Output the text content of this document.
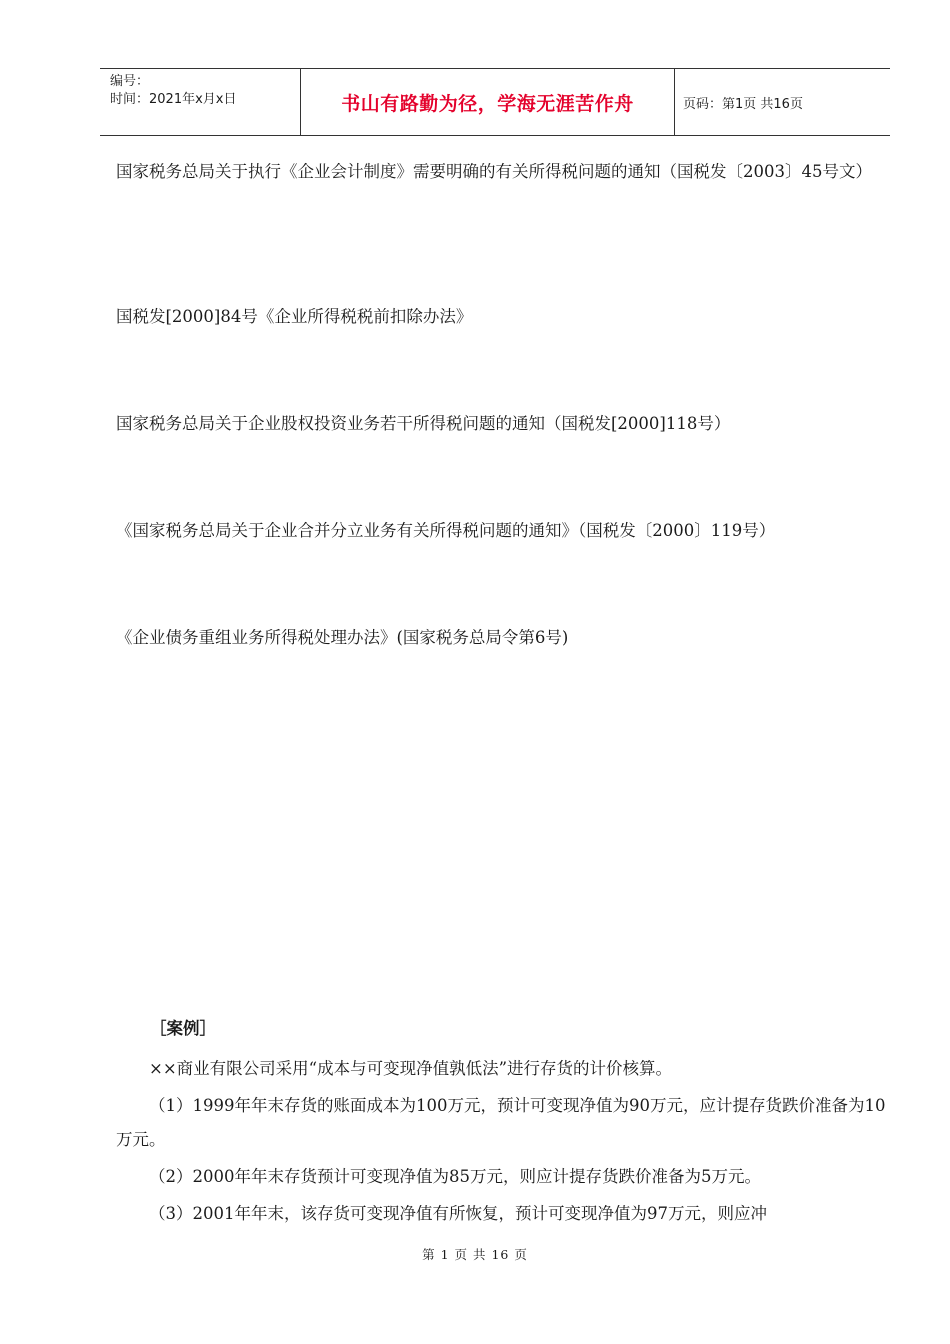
编号：
时间：2021年x月x日	书山有路勤为径，学海无涯苦作舟	页码：第1页 共16页

国家税务总局关于执行《企业会计制度》需要明确的有关所得税问题的通知（国税发〔2003〕45号文）

国税发[2000]84号《企业所得税税前扣除办法》

国家税务总局关于企业股权投资业务若干所得税问题的通知（国税发[2000]118号）

《国家税务总局关于企业合并分立业务有关所得税问题的通知》（国税发〔2000〕119号）

《企业债务重组业务所得税处理办法》(国家税务总局令第6号)

［案例］

××商业有限公司采用“成本与可变现净值孰低法”进行存货的计价核算。

（1）1999年年末存货的账面成本为100万元，预计可变现净值为90万元，应计提存货跌价准备为10万元。

（2）2000年年末存货预计可变现净值为85万元，则应计提存货跌价准备为5万元。

（3）2001年年末，该存货可变现净值有所恢复，预计可变现净值为97万元，则应冲

第 1 页 共 16 页
